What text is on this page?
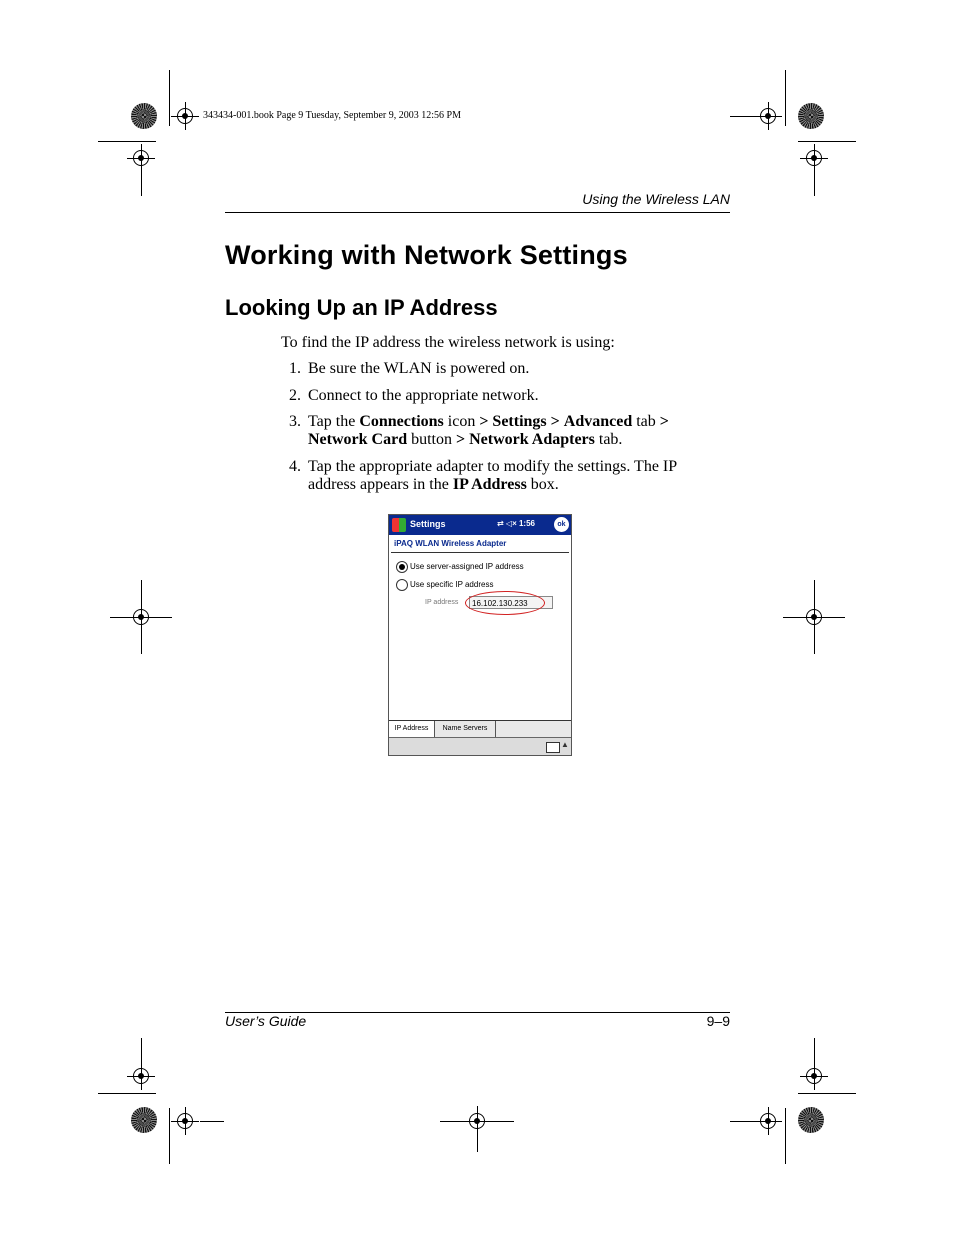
343434-001.book Page 9 Tuesday, September 9, 2003 12:56 PM
Using the Wireless LAN
Working with Network Settings
Looking Up an IP Address
To find the IP address the wireless network is using:
1. Be sure the WLAN is powered on.
2. Connect to the appropriate network.
3. Tap the Connections icon > Settings > Advanced tab > Network Card button > Network Adapters tab.
4. Tap the appropriate adapter to modify the settings. The IP address appears in the IP Address box.
Settings	⇄ ◁× 1:56	ok
iPAQ WLAN Wireless Adapter
Use server-assigned IP address
Use specific IP address
IP address	16.102.130.233
IP Address	Name Servers
▲
User’s Guide	9–9
